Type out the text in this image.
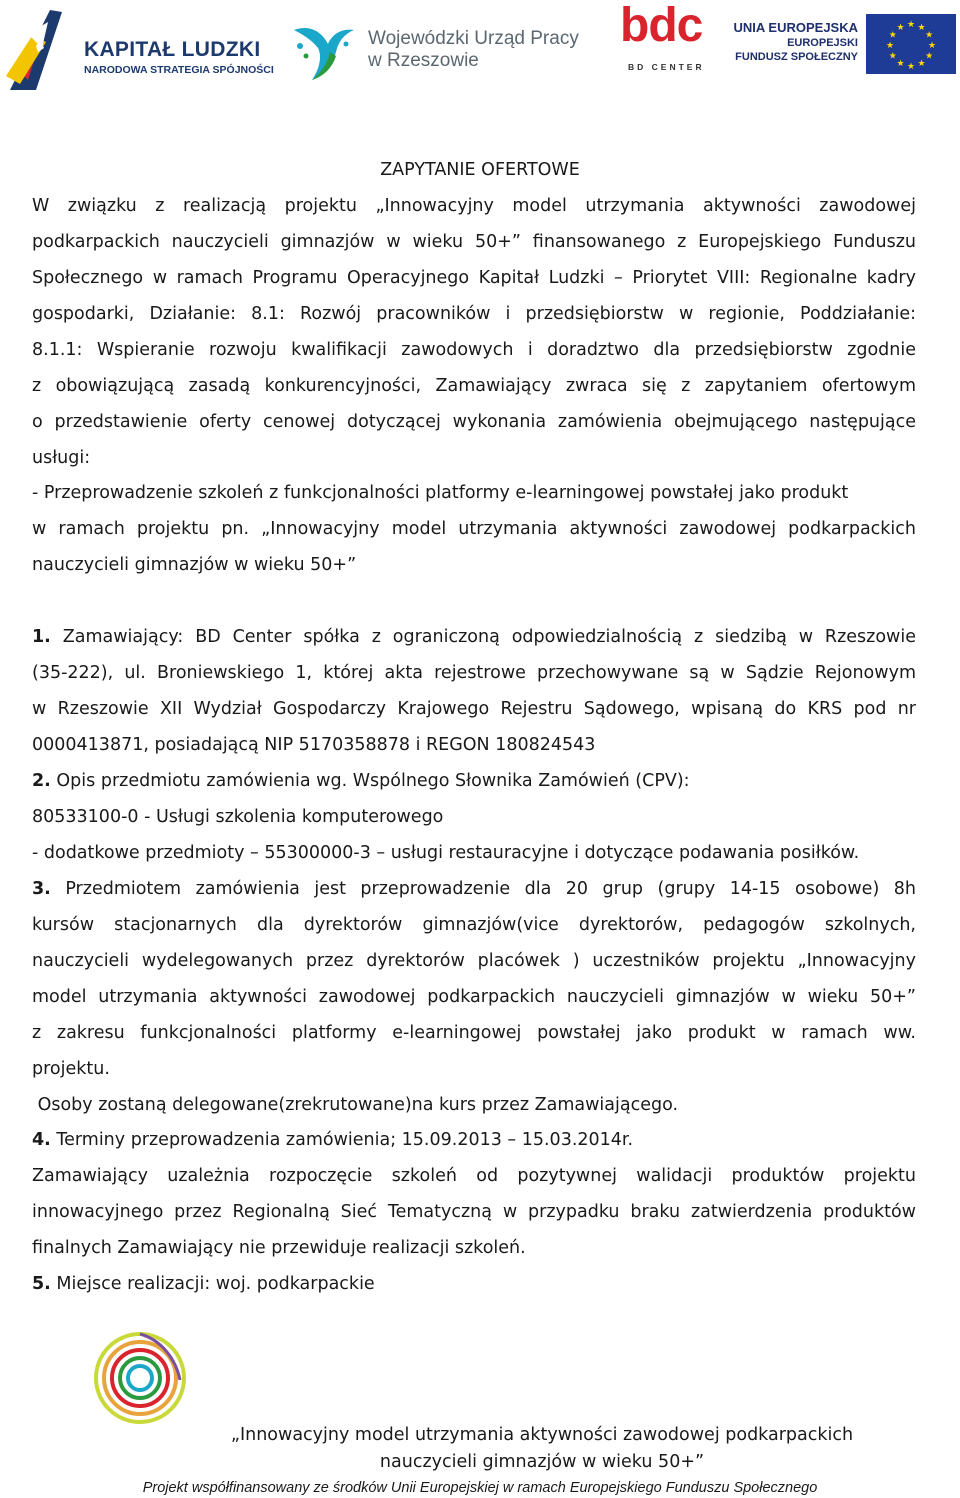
KAPITAŁ LUDZKI
NARODOWA STRATEGIA SPÓJNOŚCI
Wojewódzki Urząd Pracy
w Rzeszowie
bdc
BD CENTER
UNIA EUROPEJSKA
EUROPEJSKI
FUNDUSZ SPOŁECZNY
★ ★
★
★
★
★
★
★
★
★
★
★
ZAPYTANIE OFERTOWE
W związku z realizacją projektu „Innowacyjny model utrzymania aktywności zawodowej
podkarpackich nauczycieli gimnazjów w wieku 50+” finansowanego z Europejskiego Funduszu
Społecznego w ramach Programu Operacyjnego Kapitał Ludzki – Priorytet VIII: Regionalne kadry
gospodarki, Działanie: 8.1: Rozwój pracowników i przedsiębiorstw w regionie, Poddziałanie:
8.1.1: Wspieranie rozwoju kwalifikacji zawodowych i doradztwo dla przedsiębiorstw zgodnie
z obowiązującą zasadą konkurencyjności, Zamawiający zwraca się z zapytaniem ofertowym
o przedstawienie oferty cenowej dotyczącej wykonania zamówienia obejmującego następujące
usługi:
- Przeprowadzenie szkoleń z funkcjonalności platformy e-learningowej powstałej jako produkt
w ramach projektu pn. „Innowacyjny model utrzymania aktywności zawodowej podkarpackich
nauczycieli gimnazjów w wieku 50+”
1. Zamawiający: BD Center spółka z ograniczoną odpowiedzialnością z siedzibą w Rzeszowie
(35-222), ul. Broniewskiego 1, której akta rejestrowe przechowywane są w Sądzie Rejonowym
w Rzeszowie XII Wydział Gospodarczy Krajowego Rejestru Sądowego, wpisaną do KRS pod nr
0000413871, posiadającą NIP 5170358878 i REGON 180824543
2. Opis przedmiotu zamówienia wg. Wspólnego Słownika Zamówień (CPV):
80533100-0 - Usługi szkolenia komputerowego
- dodatkowe przedmioty – 55300000-3 – usługi restauracyjne i dotyczące podawania posiłków.
3. Przedmiotem zamówienia jest przeprowadzenie dla 20 grup (grupy 14-15 osobowe) 8h
kursów stacjonarnych dla dyrektorów gimnazjów(vice dyrektorów, pedagogów szkolnych,
nauczycieli wydelegowanych przez dyrektorów placówek ) uczestników projektu „Innowacyjny
model utrzymania aktywności zawodowej podkarpackich nauczycieli gimnazjów w wieku 50+”
z zakresu funkcjonalności platformy e-learningowej powstałej jako produkt w ramach ww.
projektu.
Osoby zostaną delegowane(zrekrutowane)na kurs przez Zamawiającego.
4. Terminy przeprowadzenia zamówienia; 15.09.2013 – 15.03.2014r.
Zamawiający uzależnia rozpoczęcie szkoleń od pozytywnej walidacji produktów projektu
innowacyjnego przez Regionalną Sieć Tematyczną w przypadku braku zatwierdzenia produktów
finalnych Zamawiający nie przewiduje realizacji szkoleń.
5. Miejsce realizacji: woj. podkarpackie
„Innowacyjny model utrzymania aktywności zawodowej podkarpackich
nauczycieli gimnazjów w wieku 50+”
Projekt współfinansowany ze środków Unii Europejskiej w ramach Europejskiego Funduszu Społecznego
